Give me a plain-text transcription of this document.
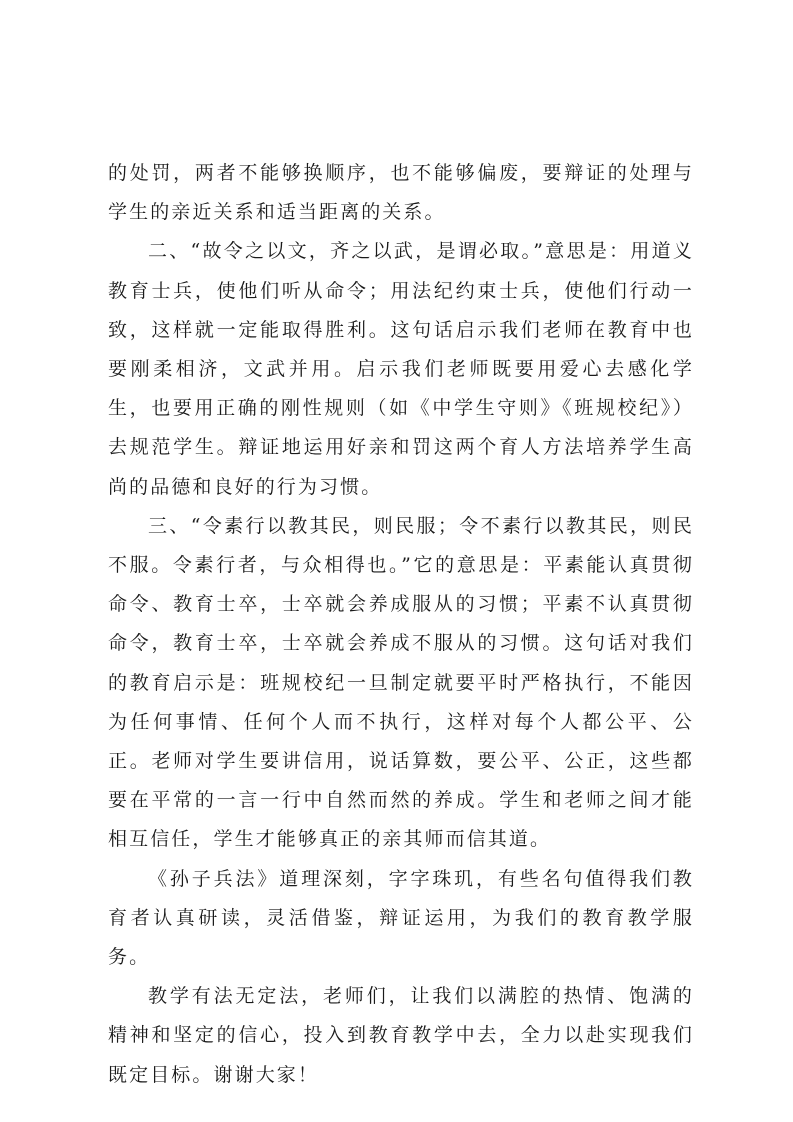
的处罚，两者不能够换顺序，也不能够偏废，要辩证的处理与学生的亲近关系和适当距离的关系。

二、“故令之以文，齐之以武，是谓必取。”意思是：用道义教育士兵，使他们听从命令；用法纪约束士兵，使他们行动一致，这样就一定能取得胜利。这句话启示我们老师在教育中也要刚柔相济，文武并用。启示我们老师既要用爱心去感化学生，也要用正确的刚性规则（如《中学生守则》《班规校纪》）去规范学生。辩证地运用好亲和罚这两个育人方法培养学生高尚的品德和良好的行为习惯。

三、“令素行以教其民，则民服；令不素行以教其民，则民不服。令素行者，与众相得也。”它的意思是：平素能认真贯彻命令、教育士卒，士卒就会养成服从的习惯；平素不认真贯彻命令，教育士卒，士卒就会养成不服从的习惯。这句话对我们的教育启示是：班规校纪一旦制定就要平时严格执行，不能因为任何事情、任何个人而不执行，这样对每个人都公平、公正。老师对学生要讲信用，说话算数，要公平、公正，这些都要在平常的一言一行中自然而然的养成。学生和老师之间才能相互信任，学生才能够真正的亲其师而信其道。

《孙子兵法》道理深刻，字字珠玑，有些名句值得我们教育者认真研读，灵活借鉴，辩证运用，为我们的教育教学服务。

教学有法无定法，老师们，让我们以满腔的热情、饱满的精神和坚定的信心，投入到教育教学中去，全力以赴实现我们既定目标。谢谢大家！
